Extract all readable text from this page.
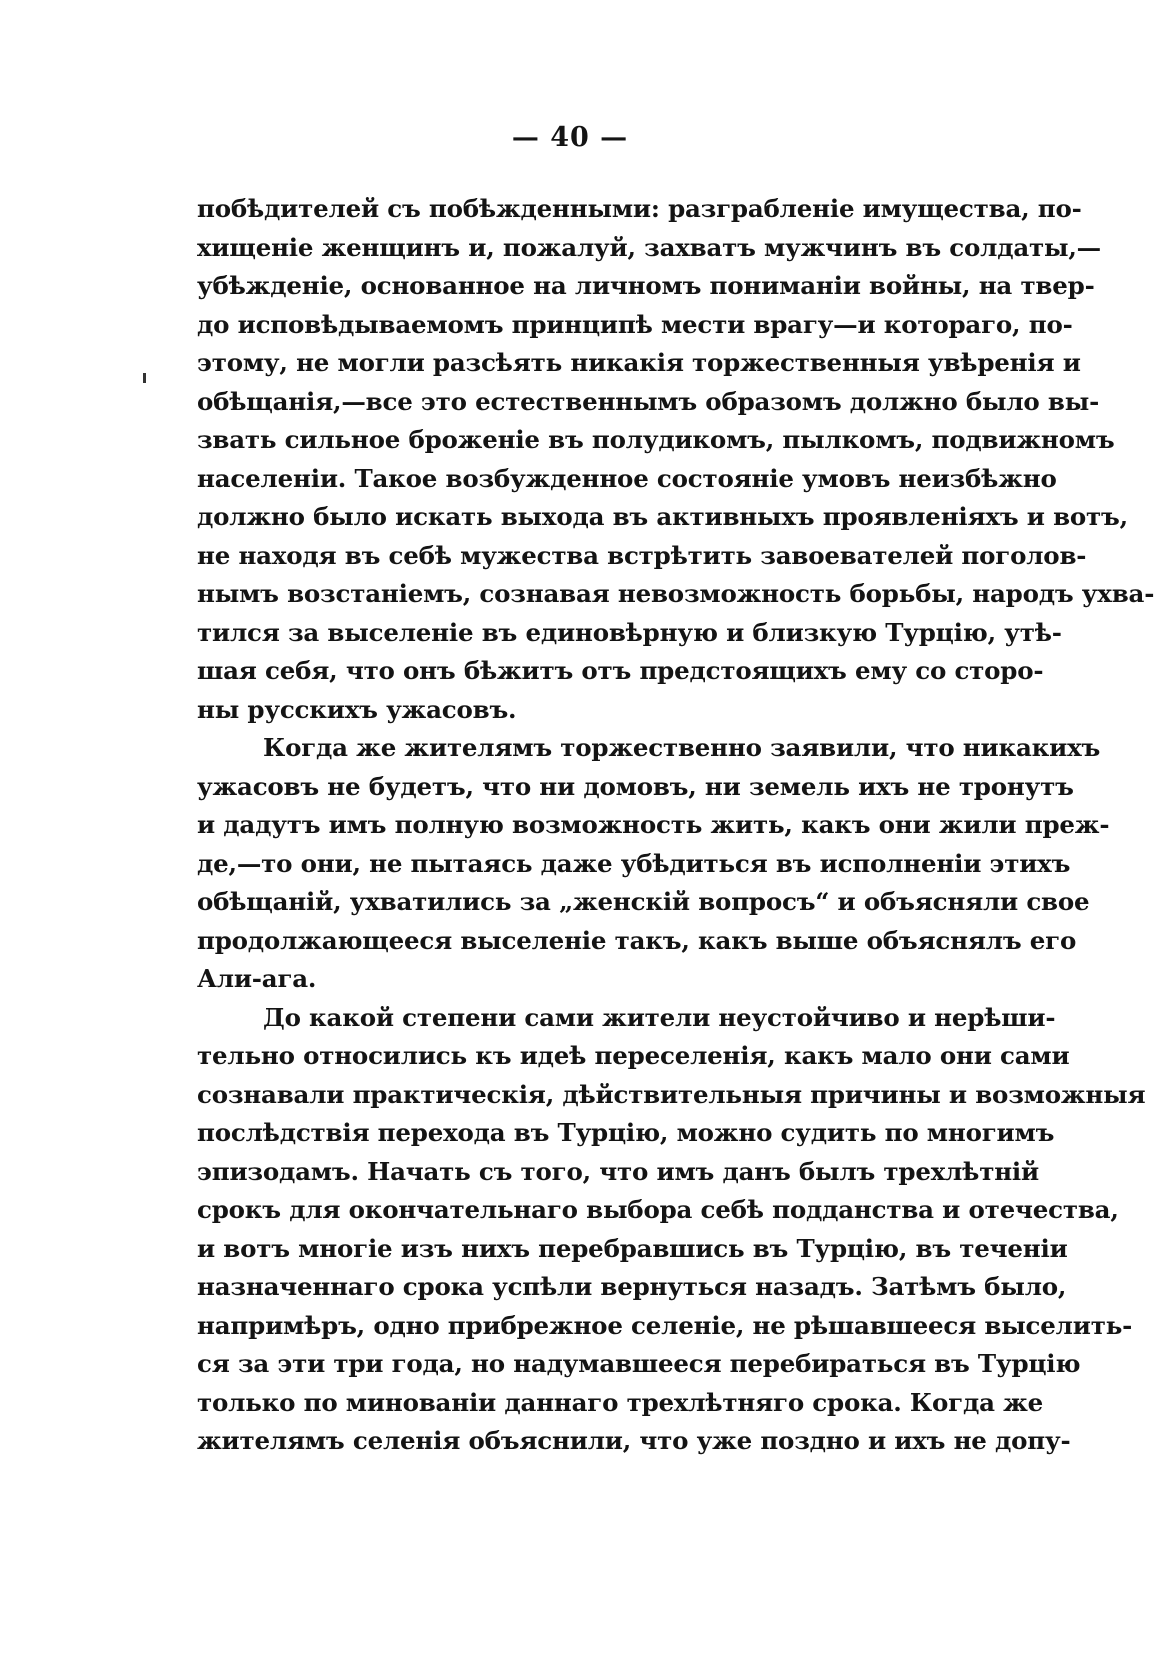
— 40 —
побѣдителей съ побѣжденными: разграбленіе имущества, по-
хищеніе женщинъ и, пожалуй, захватъ мужчинъ въ солдаты,—
убѣжденіе, основанное на личномъ пониманіи войны, на твер-
до исповѣдываемомъ принципѣ мести врагу—и котораго, по-
этому, не могли разсѣять никакія торжественныя увѣренія и
обѣщанія,—все это естественнымъ образомъ должно было вы-
звать сильное броженіе въ полудикомъ, пылкомъ, подвижномъ
населеніи. Такое возбужденное состояніе умовъ неизбѣжно
должно было искать выхода въ активныхъ проявленіяхъ и вотъ,
не находя въ себѣ мужества встрѣтить завоевателей поголов-
нымъ возстаніемъ, сознавая невозможность борьбы, народъ ухва-
тился за выселеніе въ единовѣрную и близкую Турцію, утѣ-
шая себя, что онъ бѣжитъ отъ предстоящихъ ему со сторо-
ны русскихъ ужасовъ.
Когда же жителямъ торжественно заявили, что никакихъ
ужасовъ не будетъ, что ни домовъ, ни земель ихъ не тронутъ
и дадутъ имъ полную возможность жить, какъ они жили преж-
де,—то они, не пытаясь даже убѣдиться въ исполненіи этихъ
обѣщаній, ухватились за „женскій вопросъ“ и объясняли свое
продолжающееся выселеніе такъ, какъ выше объяснялъ его
Али-ага.
До какой степени сами жители неустойчиво и нерѣши-
тельно относились къ идеѣ переселенія, какъ мало они сами
сознавали практическія, дѣйствительныя причины и возможныя
послѣдствія перехода въ Турцію, можно судить по многимъ
эпизодамъ. Начать съ того, что имъ данъ былъ трехлѣтній
срокъ для окончательнаго выбора себѣ подданства и отечества,
и вотъ многіе изъ нихъ перебравшись въ Турцію, въ теченіи
назначеннаго срока успѣли вернуться назадъ. Затѣмъ было,
напримѣръ, одно прибрежное селеніе, не рѣшавшееся выселить-
ся за эти три года, но надумавшееся перебираться въ Турцію
только по миновaніи даннаго трехлѣтняго срока. Когда же
жителямъ селенія объяснили, что уже поздно и ихъ не допу-
